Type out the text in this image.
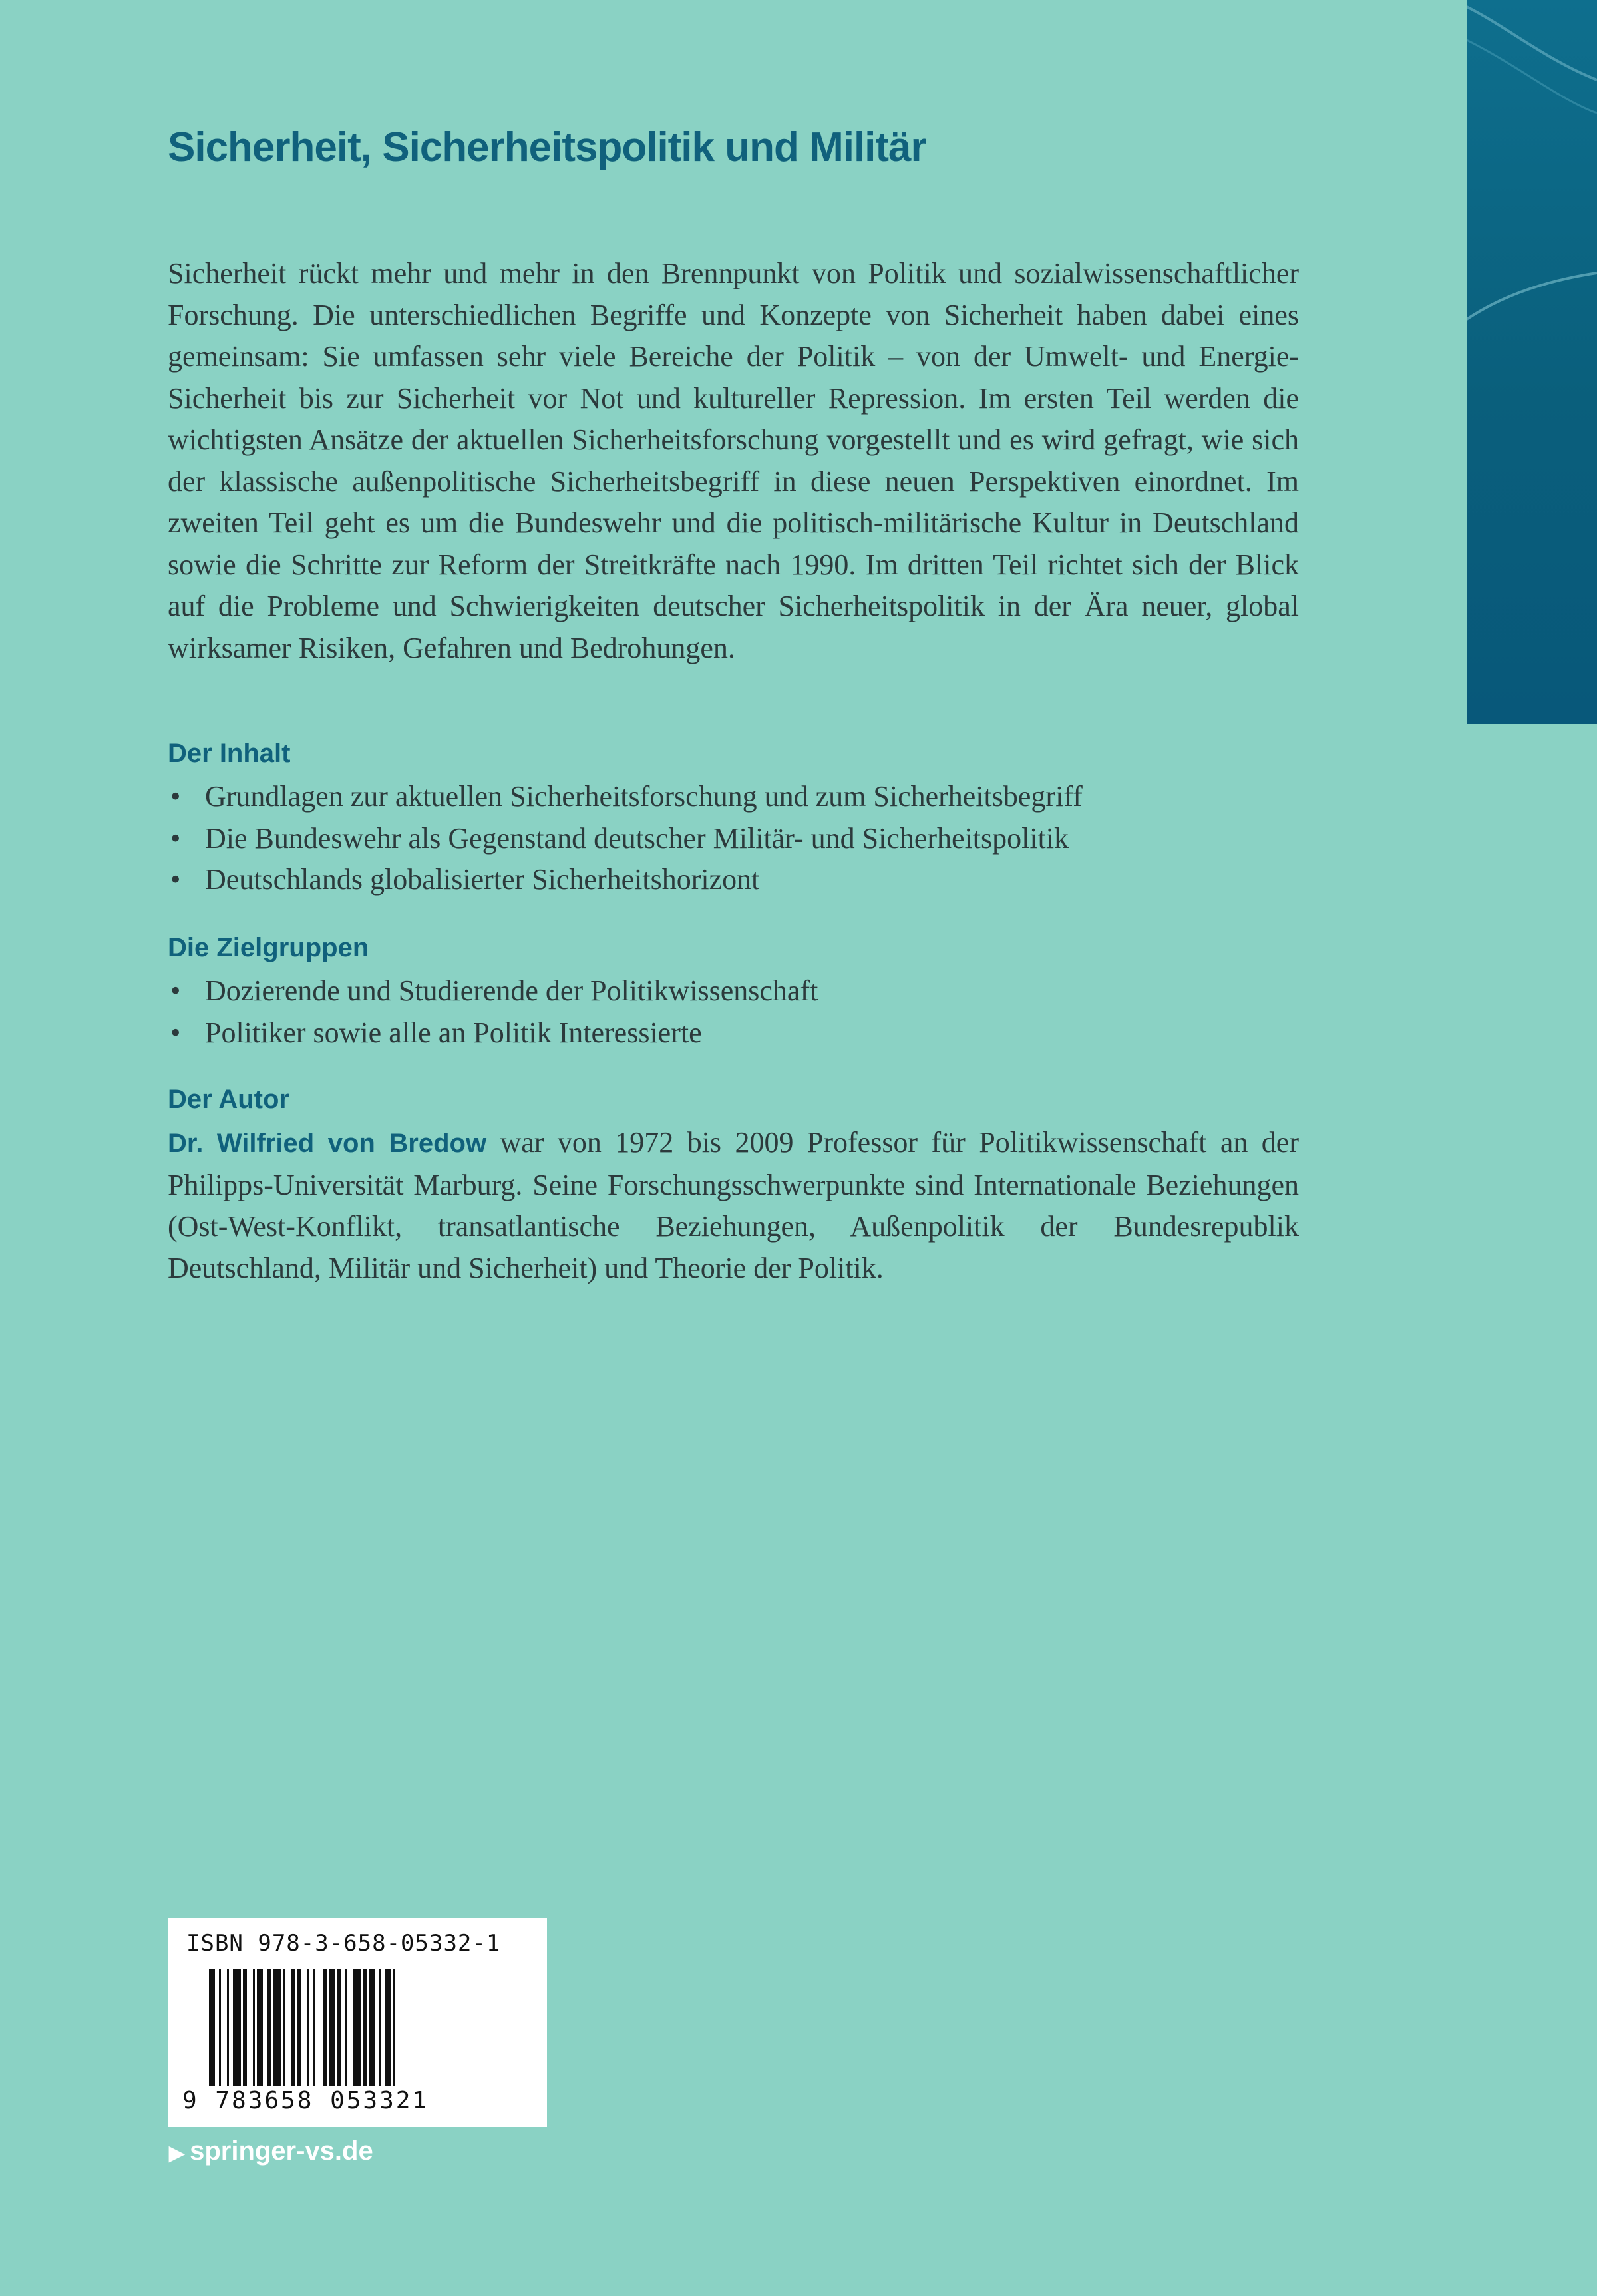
Sicherheit, Sicherheitspolitik und Militär

Sicherheit rückt mehr und mehr in den Brennpunkt von Politik und sozialwissenschaftlicher Forschung. Die unterschiedlichen Begriffe und Konzepte von Sicherheit haben dabei eines gemeinsam: Sie umfassen sehr viele Bereiche der Politik – von der Umwelt- und Energie-Sicherheit bis zur Sicherheit vor Not und kultureller Repression. Im ersten Teil werden die wichtigsten Ansätze der aktuellen Sicherheitsforschung vorgestellt und es wird gefragt, wie sich der klassische außenpolitische Sicherheitsbegriff in diese neuen Perspektiven einordnet. Im zweiten Teil geht es um die Bundeswehr und die politisch-militärische Kultur in Deutschland sowie die Schritte zur Reform der Streitkräfte nach 1990. Im dritten Teil richtet sich der Blick auf die Probleme und Schwierigkeiten deutscher Sicherheitspolitik in der Ära neuer, global wirksamer Risiken, Gefahren und Bedrohungen.

Der Inhalt
• Grundlagen zur aktuellen Sicherheitsforschung und zum Sicherheitsbegriff
• Die Bundeswehr als Gegenstand deutscher Militär- und Sicherheitspolitik
• Deutschlands globalisierter Sicherheitshorizont
Die Zielgruppen
• Dozierende und Studierende der Politikwissenschaft
• Politiker sowie alle an Politik Interessierte
Der Autor

Dr. Wilfried von Bredow war von 1972 bis 2009 Professor für Politikwissenschaft an der Philipps-Universität Marburg. Seine Forschungsschwerpunkte sind Internationale Beziehungen (Ost-West-Konflikt, transatlantische Beziehungen, Außenpolitik der Bundesrepublik Deutschland, Militär und Sicherheit) und Theorie der Politik.

ISBN 978-3-658-05332-1
9 783658 053321
▶ springer-vs.de
